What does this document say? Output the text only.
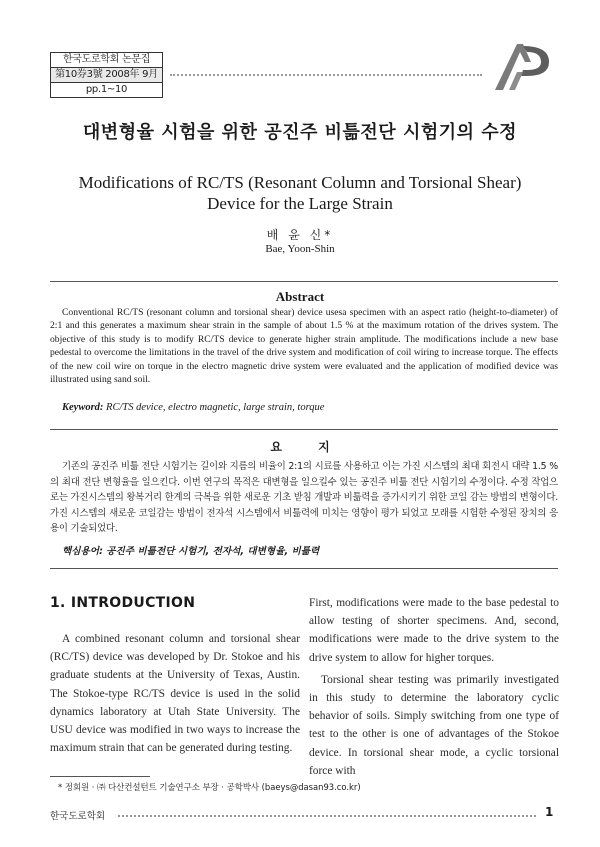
한국도로학회 논문집
第10券3號 2008年 9月
pp.1~10
대변형율 시험을 위한 공진주 비틂전단 시험기의 수정
Modifications of RC/TS (Resonant Column and Torsional Shear) Device for the Large Strain
배 윤 신*
Bae, Yoon-Shin
Abstract
Conventional RC/TS (resonant column and torsional shear) device usesa specimen with an aspect ratio (height-to-diameter) of 2:1 and this generates a maximum shear strain in the sample of about 1.5 % at the maximum rotation of the drives system. The objective of this study is to modify RC/TS device to generate higher strain amplitude. The modifications include a new base pedestal to overcome the limitations in the travel of the drive system and modification of coil wiring to increase torque. The effects of the new coil wire on torque in the electro magnetic drive system were evaluated and the application of modified device was illustrated using sand soil.
Keyword: RC/TS device, electro magnetic, large strain, torque
요 지
기존의 공진주 비틂 전단 시험기는 길이와 지름의 비율이 2:1의 시료를 사용하고 이는 가진 시스템의 최대 회전시 대략 1.5 %의 최대 전단 변형율을 일으킨다. 이번 연구의 목적은 대변형을 일으킬수 있는 공진주 비틂 전단 시험기의 수정이다. 수정 작업으로는 가진시스템의 왕복거리 한계의 극복을 위한 새로운 기초 받침 개발과 비틂력을 증가시키기 위한 코일 감는 방법의 변형이다. 가진 시스템의 새로운 코일감는 방법이 전자석 시스템에서 비틂력에 미치는 영향이 평가 되었고 모래를 시험한 수정된 장치의 응용이 기술되었다.
핵심용어: 공진주 비틂전단 시험기, 전자석, 대변형율, 비틂력
1. INTRODUCTION
A combined resonant column and torsional shear (RC/TS) device was developed by Dr. Stokoe and his graduate students at the University of Texas, Austin. The Stokoe-type RC/TS device is used in the solid dynamics laboratory at Utah State University. The USU device was modified in two ways to increase the maximum strain that can be generated during testing.

First, modifications were made to the base pedestal to allow testing of shorter specimens. And, second, modifications were made to the drive system to the drive system to allow for higher torques.

Torsional shear testing was primarily investigated in this study to determine the laboratory cyclic behavior of soils. Simply switching from one type of test to the other is one of advantages of the Stokoe device. In torsional shear mode, a cyclic torsional force with

* 정회원 · ㈜ 다산컨설턴트 기술연구소 부장 · 공학박사 (baeys@dasan93.co.kr)
한국도로학회	1
